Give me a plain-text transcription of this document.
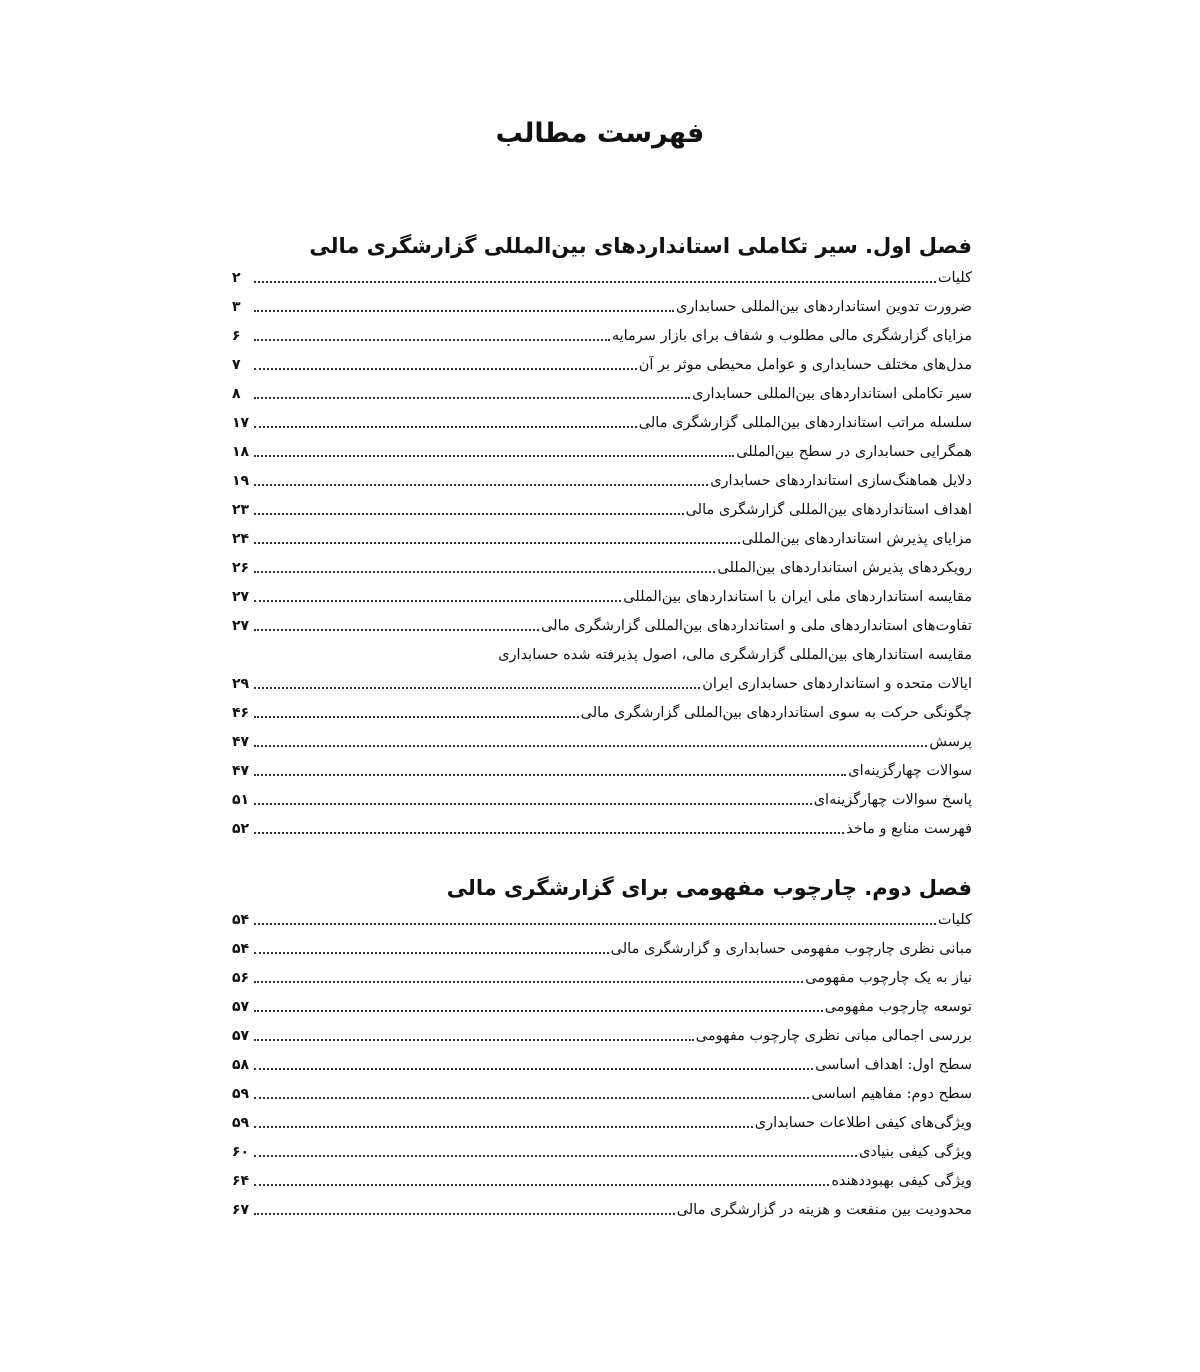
فهرست مطالب
فصل اول. سیر تکاملی استانداردهای بین‌المللی گزارشگری مالی
کلیات
۲
ضرورت تدوین استانداردهای بین‌المللی حسابداری
۳
مزایای گزارشگری مالی مطلوب و شفاف برای بازار سرمایه
۶
مدل‌های مختلف حسابداری و عوامل محیطی موثر بر آن
۷
سیر تکاملی استانداردهای بین‌المللی حسابداری
۸
سلسله مراتب استانداردهای بین‌المللی گزارشگری مالی
۱۷
همگرایی حسابداری در سطح بین‌المللی
۱۸
دلایل هماهنگ‌سازی استانداردهای حسابداری
۱۹
اهداف استانداردهای بین‌المللی گزارشگری مالی
۲۳
مزایای پذیرش استانداردهای بین‌المللی
۲۴
رویکردهای پذیرش استانداردهای بین‌المللی
۲۶
مقایسه استانداردهای ملی ایران با استانداردهای بین‌المللی
۲۷
تفاوت‌های استانداردهای ملی و استانداردهای بین‌المللی گزارشگری مالی
۲۷
مقایسه استاندارهای بین‌المللی گزارشگری مالی، اصول پذیرفته شده حسابداری
ایالات متحده و استانداردهای حسابداری ایران
۲۹
چگونگی حرکت به سوی استانداردهای بین‌المللی گزارشگری مالی
۴۶
پرسش
۴۷
سوالات چهارگزینه‌ای
۴۷
پاسخ سوالات چهارگزینه‌ای
۵۱
فهرست منابع و ماخذ
۵۲
فصل دوم. چارچوب مفهومی برای گزارشگری مالی
کلیات
۵۴
مبانی نظری چارچوب مفهومی حسابداری و گزارشگری مالی
۵۴
نیاز به یک چارچوب مفهومی
۵۶
توسعه چارچوب مفهومی
۵۷
بررسی اجمالی مبانی نظری چارچوب مفهومی
۵۷
سطح اول: اهداف اساسی
۵۸
سطح دوم: مفاهیم اساسی
۵۹
ویژگی‌های کیفی اطلاعات حسابداری
۵۹
ویژگی کیفی بنیادی
۶۰
ویژگی کیفی بهبوددهنده
۶۴
محدودیت بین منفعت و هزینه در گزارشگری مالی
۶۷
